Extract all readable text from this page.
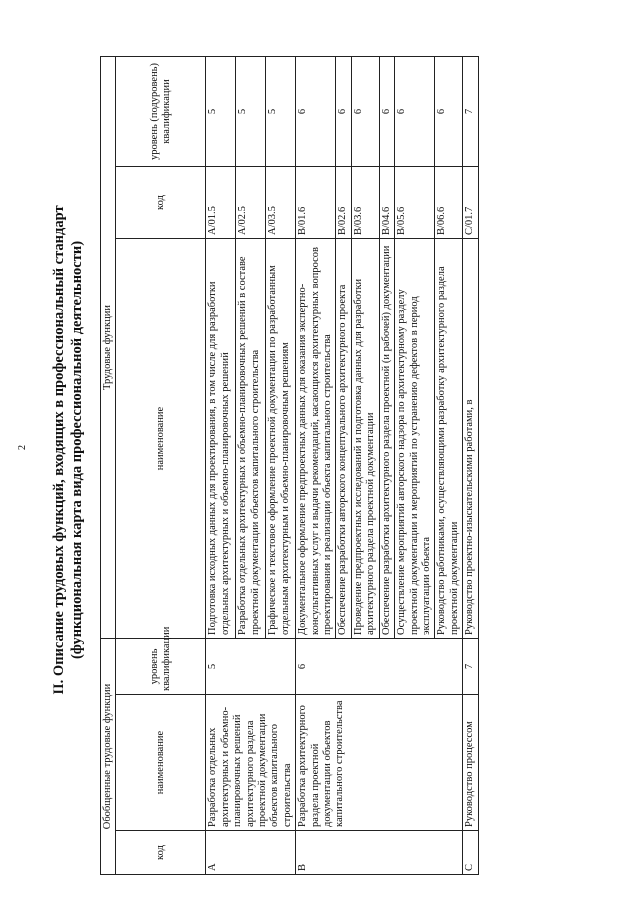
2 II. Описание трудовых функций, входящих в профессиональный стандарт (функциональная карта вида профессиональной деятельности)
Обобщенные трудовые функции			Трудовые функции		
код	наименование	уровень квалификации	наименование	код	уровень (подуровень) квалификации
A	Разработка отдельных архитектурных и объемно-планировочных решений архитектурного раздела проектной документации объектов капитального строительства	5	Подготовка исходных данных для проектирования, в том числе для разработки отдельных архитектурных и объемно-планировочных решений	A/01.5	5
			Разработка отдельных архитектурных и объемно-планировочных решений в составе проектной документации объектов капитального строительства	A/02.5	5
			Графическое и текстовое оформление проектной документации по разработанным отдельным архитектурным и объемно-планировочным решениям	A/03.5	5
B	Разработка архитектурного раздела проектной документации объектов капитального строительства	6	Документальное оформление предпроектных данных для оказания экспертно-консультативных услуг и выдачи рекомендаций, касающихся архитектурных вопросов проектирования и реализации объекта капитального строительства	B/01.6	6
			Обеспечение разработки авторского концептуального архитектурного проекта	B/02.6	6
			Проведение предпроектных исследований и подготовка данных для разработки архитектурного раздела проектной документации	B/03.6	6
			Обеспечение разработки архитектурного раздела проектной (и рабочей) документации	B/04.6	6
			Осуществление мероприятий авторского надзора по архитектурному разделу проектной документации и мероприятий по устранению дефектов в период эксплуатации объекта	B/05.6	6
			Руководство работниками, осуществляющими разработку архитектурного раздела проектной документации	B/06.6	6
C	Руководство процессом	7	Руководство проектно-изыскательскими работами, в	C/01.7	7
